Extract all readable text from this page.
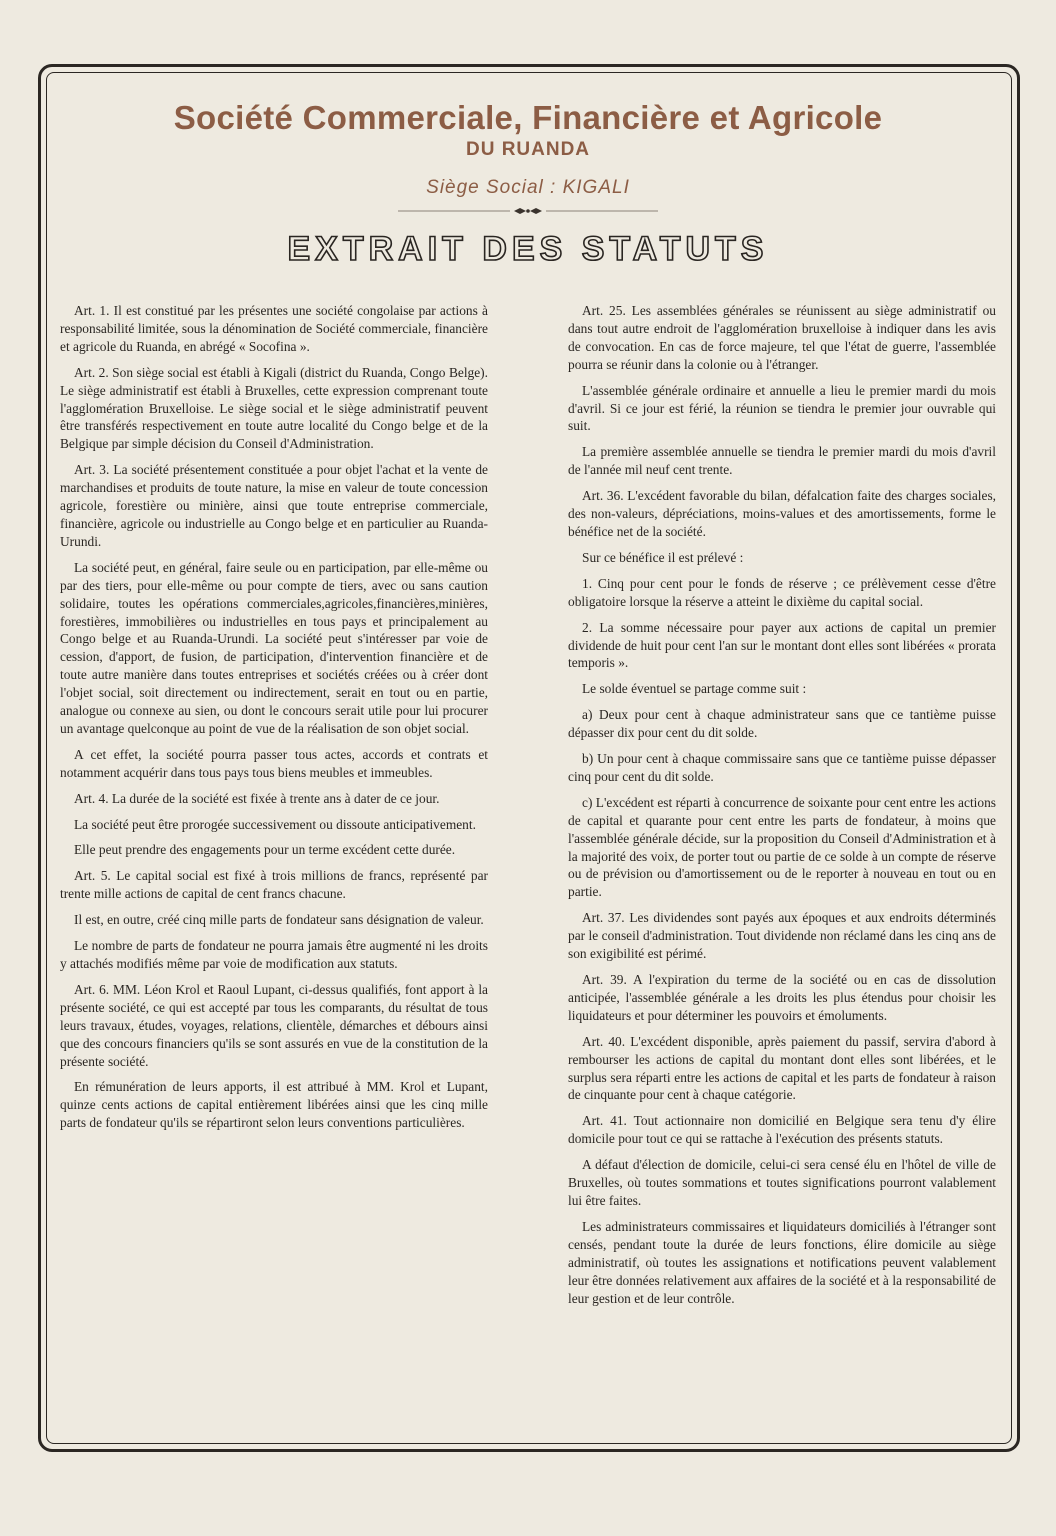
Société Commerciale, Financière et Agricole
DU RUANDA
Siège Social : KIGALI
EXTRAIT DES STATUTS

Art. 1. Il est constitué par les présentes une société congolaise par actions à responsabilité limitée, sous la dénomination de Société commerciale, financière et agricole du Ruanda, en abrégé « Socofina ».

Art. 2. Son siège social est établi à Kigali (district du Ruanda, Congo Belge). Le siège administratif est établi à Bruxelles, cette expression comprenant toute l'agglomération Bruxelloise. Le siège social et le siège administratif peuvent être transférés respectivement en toute autre localité du Congo belge et de la Belgique par simple décision du Conseil d'Administration.

Art. 3. La société présentement constituée a pour objet l'achat et la vente de marchandises et produits de toute nature, la mise en valeur de toute concession agricole, forestière ou minière, ainsi que toute entreprise commerciale, financière, agricole ou industrielle au Congo belge et en particulier au Ruanda-Urundi.

La société peut, en général, faire seule ou en participation, par elle-même ou par des tiers, pour elle-même ou pour compte de tiers, avec ou sans caution solidaire, toutes les opérations commerciales,agricoles,financières,minières, forestières, immobilières ou industrielles en tous pays et principalement au Congo belge et au Ruanda-Urundi. La société peut s'intéresser par voie de cession, d'apport, de fusion, de participation, d'intervention financière et de toute autre manière dans toutes entreprises et sociétés créées ou à créer dont l'objet social, soit directement ou indirectement, serait en tout ou en partie, analogue ou connexe au sien, ou dont le concours serait utile pour lui procurer un avantage quelconque au point de vue de la réalisation de son objet social.

A cet effet, la société pourra passer tous actes, accords et contrats et notamment acquérir dans tous pays tous biens meubles et immeubles.

Art. 4. La durée de la société est fixée à trente ans à dater de ce jour.

La société peut être prorogée successivement ou dissoute anticipativement.

Elle peut prendre des engagements pour un terme excédent cette durée.

Art. 5. Le capital social est fixé à trois millions de francs, représenté par trente mille actions de capital de cent francs chacune.

Il est, en outre, créé cinq mille parts de fondateur sans désignation de valeur.

Le nombre de parts de fondateur ne pourra jamais être augmenté ni les droits y attachés modifiés même par voie de modification aux statuts.

Art. 6. MM. Léon Krol et Raoul Lupant, ci-dessus qualifiés, font apport à la présente société, ce qui est accepté par tous les comparants, du résultat de tous leurs travaux, études, voyages, relations, clientèle, démarches et débours ainsi que des concours financiers qu'ils se sont assurés en vue de la constitution de la présente société.

En rémunération de leurs apports, il est attribué à MM. Krol et Lupant, quinze cents actions de capital entièrement libérées ainsi que les cinq mille parts de fondateur qu'ils se répartiront selon leurs conventions particulières.

Art. 25. Les assemblées générales se réunissent au siège administratif ou dans tout autre endroit de l'agglomération bruxelloise à indiquer dans les avis de convocation. En cas de force majeure, tel que l'état de guerre, l'assemblée pourra se réunir dans la colonie ou à l'étranger.

L'assemblée générale ordinaire et annuelle a lieu le premier mardi du mois d'avril. Si ce jour est férié, la réunion se tiendra le premier jour ouvrable qui suit.

La première assemblée annuelle se tiendra le premier mardi du mois d'avril de l'année mil neuf cent trente.

Art. 36. L'excédent favorable du bilan, défalcation faite des charges sociales, des non-valeurs, dépréciations, moins-values et des amortissements, forme le bénéfice net de la société.

Sur ce bénéfice il est prélevé :

1. Cinq pour cent pour le fonds de réserve ; ce prélèvement cesse d'être obligatoire lorsque la réserve a atteint le dixième du capital social.

2. La somme nécessaire pour payer aux actions de capital un premier dividende de huit pour cent l'an sur le montant dont elles sont libérées « prorata temporis ».

Le solde éventuel se partage comme suit :

a) Deux pour cent à chaque administrateur sans que ce tantième puisse dépasser dix pour cent du dit solde.

b) Un pour cent à chaque commissaire sans que ce tantième puisse dépasser cinq pour cent du dit solde.

c) L'excédent est réparti à concurrence de soixante pour cent entre les actions de capital et quarante pour cent entre les parts de fondateur, à moins que l'assemblée générale décide, sur la proposition du Conseil d'Administration et à la majorité des voix, de porter tout ou partie de ce solde à un compte de réserve ou de prévision ou d'amortissement ou de le reporter à nouveau en tout ou en partie.

Art. 37. Les dividendes sont payés aux époques et aux endroits déterminés par le conseil d'administration. Tout dividende non réclamé dans les cinq ans de son exigibilité est périmé.

Art. 39. A l'expiration du terme de la société ou en cas de dissolution anticipée, l'assemblée générale a les droits les plus étendus pour choisir les liquidateurs et pour déterminer les pouvoirs et émoluments.

Art. 40. L'excédent disponible, après paiement du passif, servira d'abord à rembourser les actions de capital du montant dont elles sont libérées, et le surplus sera réparti entre les actions de capital et les parts de fondateur à raison de cinquante pour cent à chaque catégorie.

Art. 41. Tout actionnaire non domicilié en Belgique sera tenu d'y élire domicile pour tout ce qui se rattache à l'exécution des présents statuts.

A défaut d'élection de domicile, celui-ci sera censé élu en l'hôtel de ville de Bruxelles, où toutes sommations et toutes significations pourront valablement lui être faites.

Les administrateurs commissaires et liquidateurs domiciliés à l'étranger sont censés, pendant toute la durée de leurs fonctions, élire domicile au siège administratif, où toutes les assignations et notifications peuvent valablement leur être données relativement aux affaires de la société et à la responsabilité de leur gestion et de leur contrôle.
